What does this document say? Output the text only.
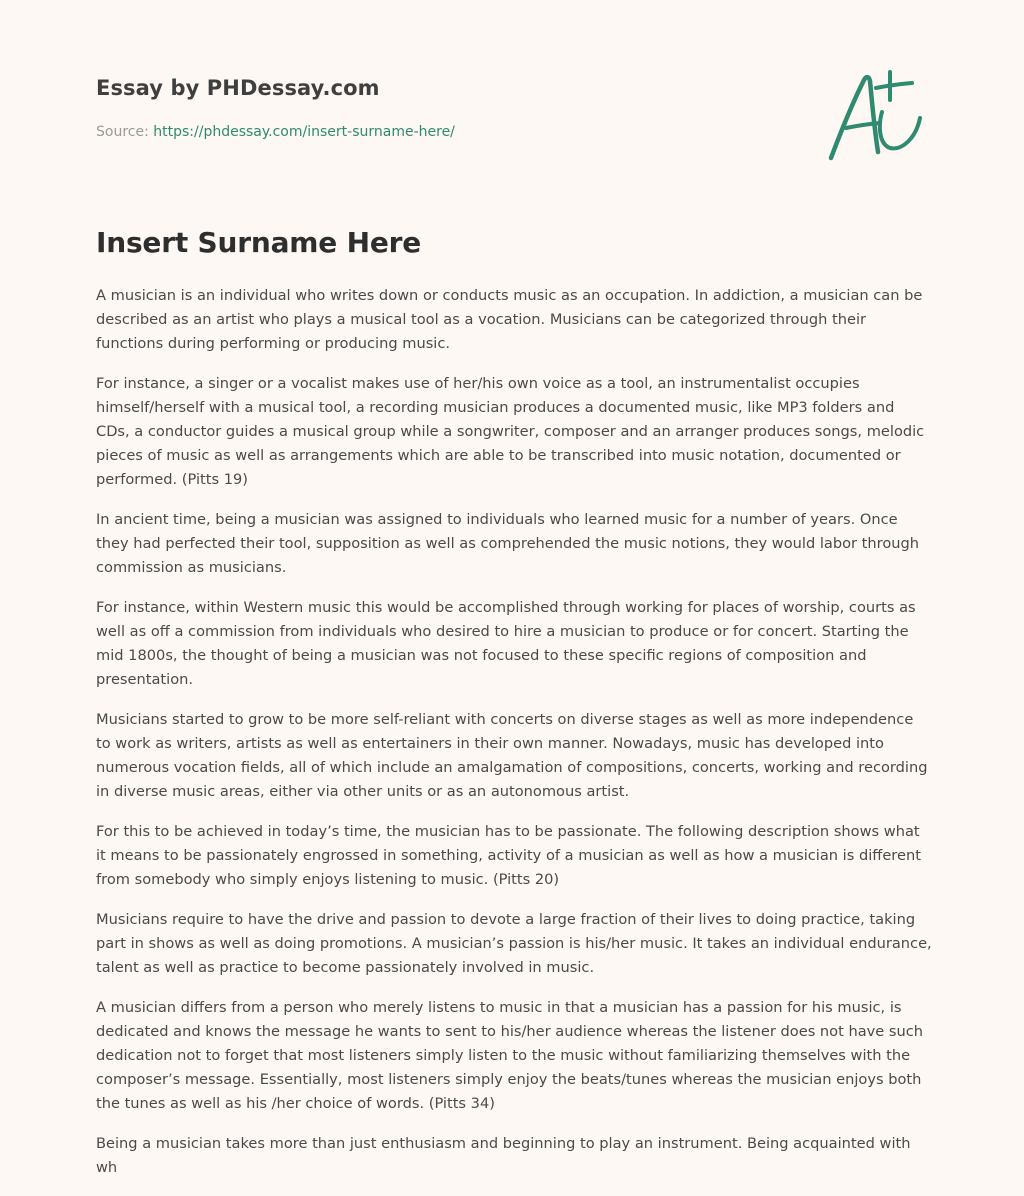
Essay by PHDessay.com
Source: https://phdessay.com/insert-surname-here/
Insert Surname Here

A musician is an individual who writes down or conducts music as an occupation. In addiction, a musician can be described as an artist who plays a musical tool as a vocation. Musicians can be categorized through their functions during performing or producing music.

For instance, a singer or a vocalist makes use of her/his own voice as a tool, an instrumentalist occupies himself/herself with a musical tool, a recording musician produces a documented music, like MP3 folders and CDs, a conductor guides a musical group while a songwriter, composer and an arranger produces songs, melodic pieces of music as well as arrangements which are able to be transcribed into music notation, documented or performed. (Pitts 19)

In ancient time, being a musician was assigned to individuals who learned music for a number of years. Once they had perfected their tool, supposition as well as comprehended the music notions, they would labor through commission as musicians.

For instance, within Western music this would be accomplished through working for places of worship, courts as well as off a commission from individuals who desired to hire a musician to produce or for concert. Starting the mid 1800s, the thought of being a musician was not focused to these specific regions of composition and presentation.

Musicians started to grow to be more self-reliant with concerts on diverse stages as well as more independence to work as writers, artists as well as entertainers in their own manner. Nowadays, music has developed into numerous vocation fields, all of which include an amalgamation of compositions, concerts, working and recording in diverse music areas, either via other units or as an autonomous artist.

For this to be achieved in today’s time, the musician has to be passionate. The following description shows what it means to be passionately engrossed in something, activity of a musician as well as how a musician is different from somebody who simply enjoys listening to music. (Pitts 20)

Musicians require to have the drive and passion to devote a large fraction of their lives to doing practice, taking part in shows as well as doing promotions. A musician’s passion is his/her music. It takes an individual endurance, talent as well as practice to become passionately involved in music.

A musician differs from a person who merely listens to music in that a musician has a passion for his music, is dedicated and knows the message he wants to sent to his/her audience whereas the listener does not have such dedication not to forget that most listeners simply listen to the music without familiarizing themselves with the composer’s message. Essentially, most listeners simply enjoy the beats/tunes whereas the musician enjoys both the tunes as well as his /her choice of words. (Pitts 34)

Being a musician takes more than just enthusiasm and beginning to play an instrument. Being acquainted with wh
